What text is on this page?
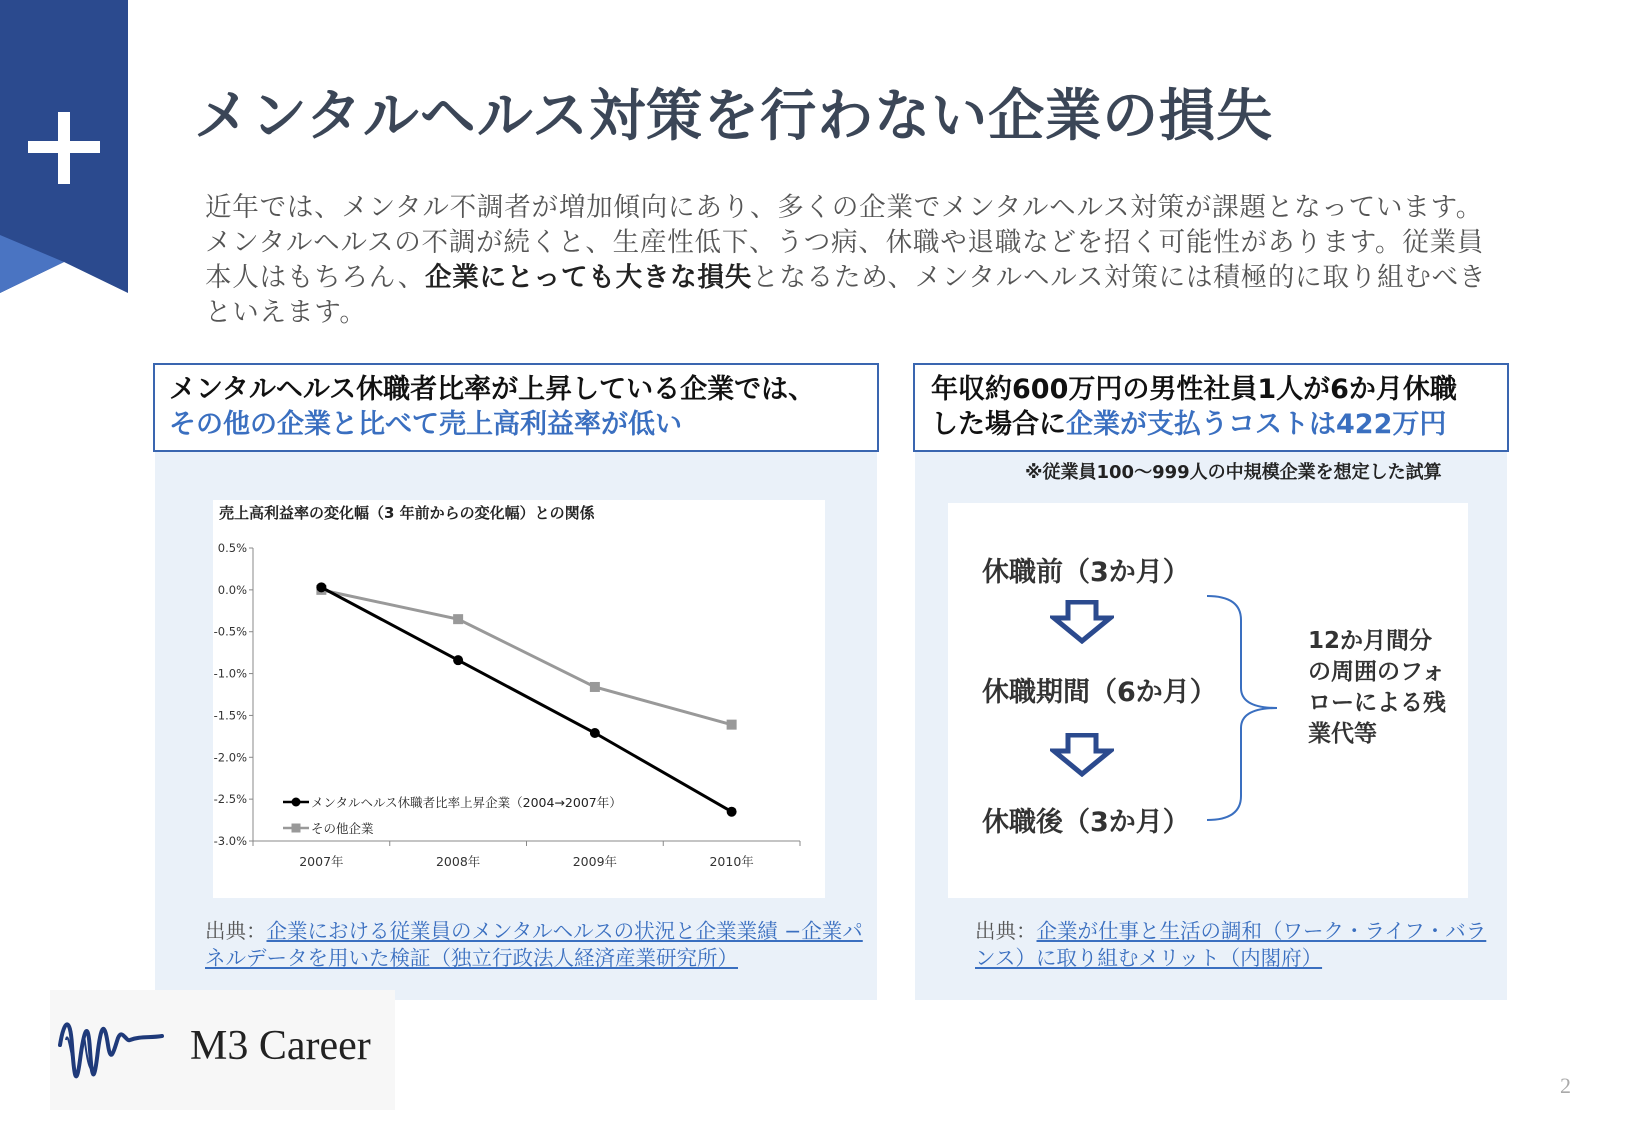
メンタルヘルス対策を行わない企業の損失

近年では、メンタル不調者が増加傾向にあり、多くの企業でメンタルヘルス対策が課題となっています。メンタルヘルスの不調が続くと、生産性低下、うつ病、休職や退職などを招く可能性があります。従業員本人はもちろん、企業にとっても大きな損失となるため、メンタルヘルス対策には積極的に取り組むべきといえます。

メンタルヘルス休職者比率が上昇している企業では、
その他の企業と比べて売上高利益率が低い
売上高利益率の変化幅（3 年前からの変化幅）との関係
0.5%
0.0%
-0.5%
-1.0%
-1.5%
-2.0%
-2.5%
-3.0%
2007年	2008年	2009年	2010年
メンタルヘルス休職者比率上昇企業（2004→2007年）
その他企業
出典：企業における従業員のメンタルヘルスの状況と企業業績 −企業パネルデータを用いた検証（独立行政法人経済産業研究所）
年収約600万円の男性社員1人が6か月休職
した場合に企業が支払うコストは422万円
※従業員100〜999人の中規模企業を想定した試算
休職前（3か月）
休職期間（6か月）
休職後（3か月）
12か月間分の周囲のフォローによる残業代等
出典：企業が仕事と生活の調和（ワーク・ライフ・バランス）に取り組むメリット（内閣府）
M3 Career
2
